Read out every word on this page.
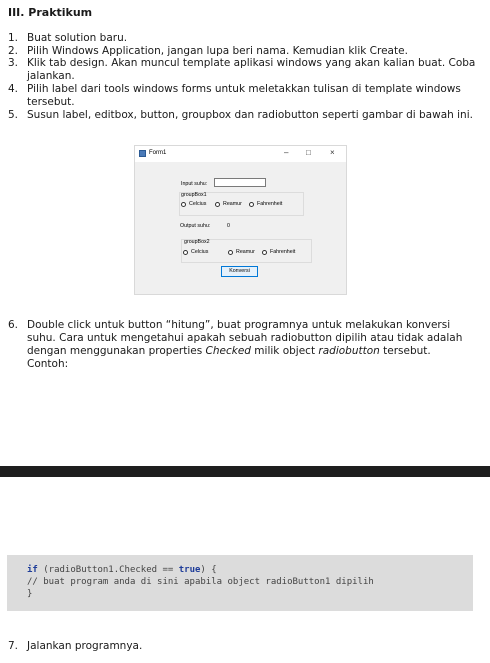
III. Praktikum
1. Buat solution baru.
2. Pilih Windows Application, jangan lupa beri nama. Kemudian klik Create.
3. Klik tab design. Akan muncul template aplikasi windows yang akan kalian buat. Coba jalankan.
4. Pilih label dari tools windows forms untuk meletakkan tulisan di template windows tersebut.
5. Susun label, editbox, button, groupbox dan radiobutton seperti gambar di bawah ini.
Form1	– □ ×
Input suhu:
groupBox1
Celcius	Reamur	Fahrenheit
Output suhu:	0
groupBox2
Celcius	Reamur	Fahrenheit
Konversi
6. Double click untuk button “hitung”, buat programnya untuk melakukan konversi suhu. Cara untuk mengetahui apakah sebuah radiobutton dipilih atau tidak adalah dengan menggunakan properties Checked milik object radiobutton tersebut.
Contoh:
if (radioButton1.Checked == true) {
// buat program anda di sini apabila object radioButton1 dipilih
}
7. Jalankan programnya.
